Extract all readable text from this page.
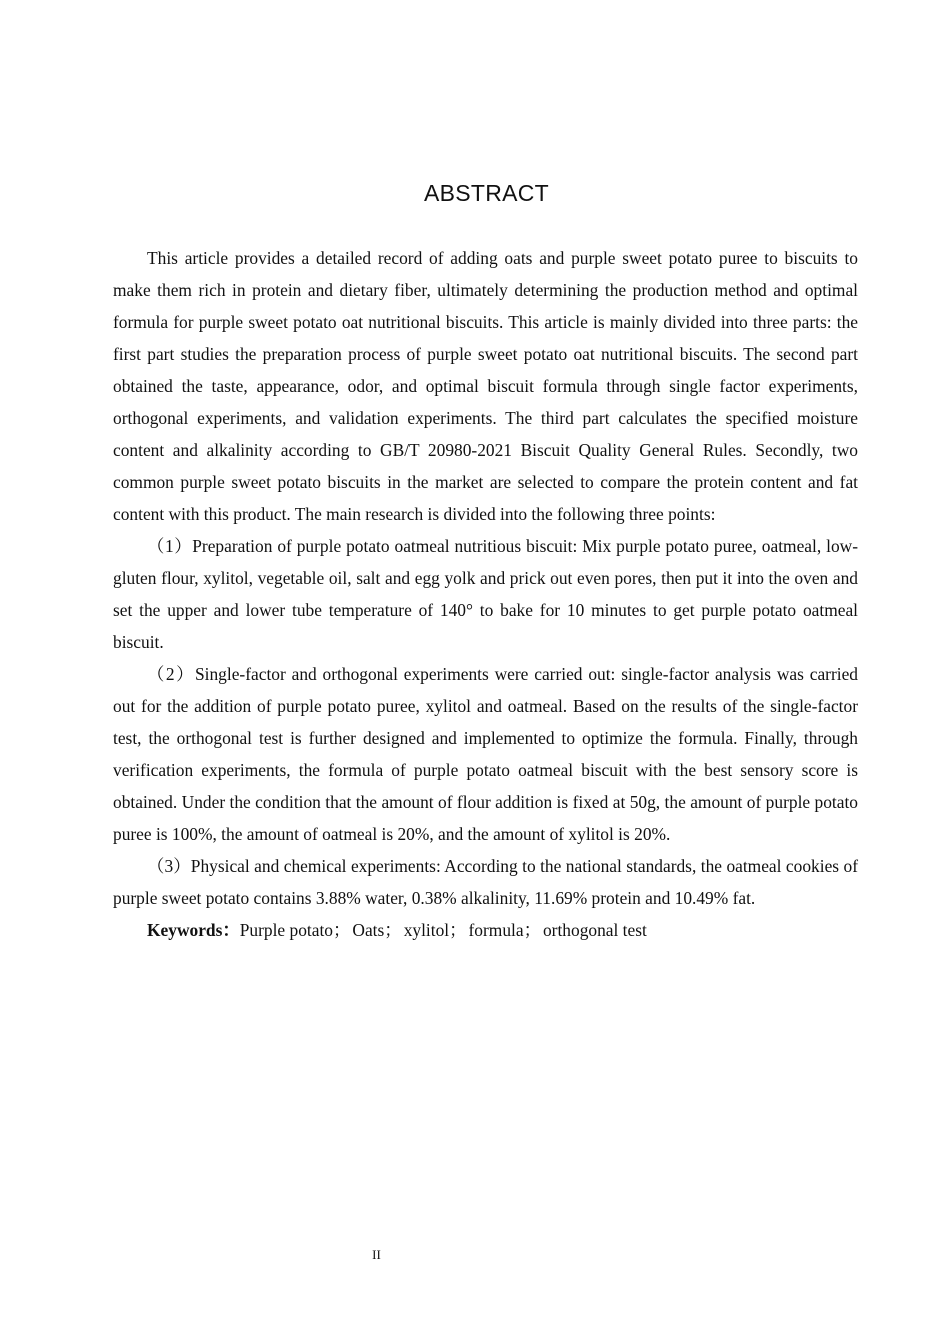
ABSTRACT

This article provides a detailed record of adding oats and purple sweet potato puree to biscuits to make them rich in protein and dietary fiber, ultimately determining the production method and optimal formula for purple sweet potato oat nutritional biscuits. This article is mainly divided into three parts: the first part studies the preparation process of purple sweet potato oat nutritional biscuits. The second part obtained the taste, appearance, odor, and optimal biscuit formula through single factor experiments, orthogonal experiments, and validation experiments. The third part calculates the specified moisture content and alkalinity according to GB/T 20980-2021 Biscuit Quality General Rules. Secondly, two common purple sweet potato biscuits in the market are selected to compare the protein content and fat content with this product. The main research is divided into the following three points:

（1）Preparation of purple potato oatmeal nutritious biscuit: Mix purple potato puree, oatmeal, low-gluten flour, xylitol, vegetable oil, salt and egg yolk and prick out even pores, then put it into the oven and set the upper and lower tube temperature of 140° to bake for 10 minutes to get purple potato oatmeal biscuit.

（2）Single-factor and orthogonal experiments were carried out: single-factor analysis was carried out for the addition of purple potato puree, xylitol and oatmeal. Based on the results of the single-factor test, the orthogonal test is further designed and implemented to optimize the formula. Finally, through verification experiments, the formula of purple potato oatmeal biscuit with the best sensory score is obtained. Under the condition that the amount of flour addition is fixed at 50g, the amount of purple potato puree is 100%, the amount of oatmeal is 20%, and the amount of xylitol is 20%.

（3）Physical and chemical experiments: According to the national standards, the oatmeal cookies of purple sweet potato contains 3.88% water, 0.38% alkalinity, 11.69% protein and 10.49% fat.

Keywords：Purple potato； Oats； xylitol； formula； orthogonal test

II
